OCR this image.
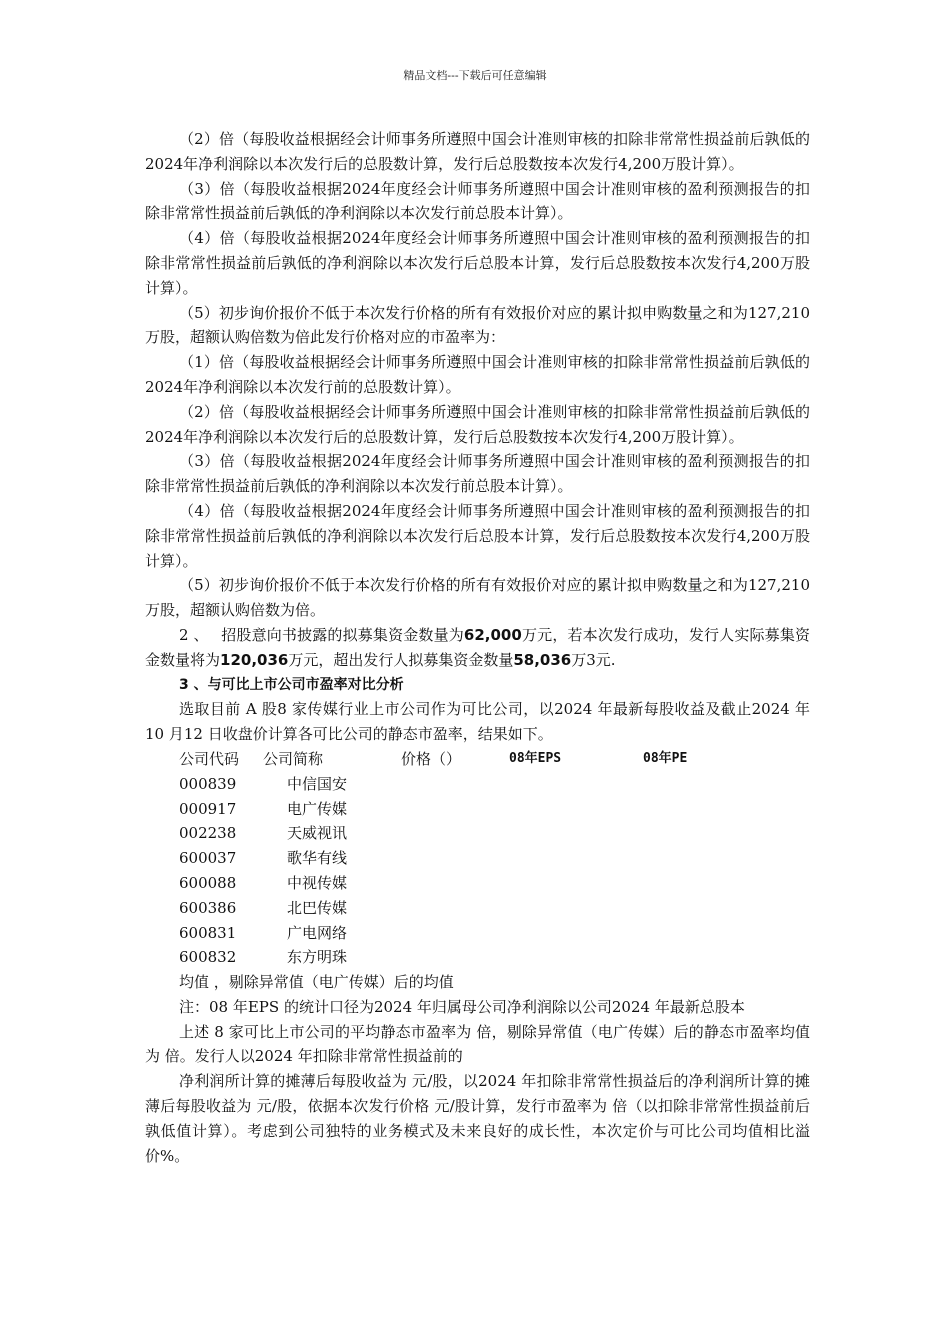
精品文档---下载后可任意编辑

（2）倍（每股收益根据经会计师事务所遵照中国会计准则审核的扣除非常常性损益前后孰低的2024年净利润除以本次发行后的总股数计算，发行后总股数按本次发行4,200万股计算）。

（3）倍（每股收益根据2024年度经会计师事务所遵照中国会计准则审核的盈利预测报告的扣除非常常性损益前后孰低的净利润除以本次发行前总股本计算）。

（4）倍（每股收益根据2024年度经会计师事务所遵照中国会计准则审核的盈利预测报告的扣除非常常性损益前后孰低的净利润除以本次发行后总股本计算，发行后总股数按本次发行4,200万股计算）。

（5）初步询价报价不低于本次发行价格的所有有效报价对应的累计拟申购数量之和为127,210万股，超额认购倍数为倍此发行价格对应的市盈率为：

（1）倍（每股收益根据经会计师事务所遵照中国会计准则审核的扣除非常常性损益前后孰低的2024年净利润除以本次发行前的总股数计算）。

（2）倍（每股收益根据经会计师事务所遵照中国会计准则审核的扣除非常常性损益前后孰低的2024年净利润除以本次发行后的总股数计算，发行后总股数按本次发行4,200万股计算）。

（3）倍（每股收益根据2024年度经会计师事务所遵照中国会计准则审核的盈利预测报告的扣除非常常性损益前后孰低的净利润除以本次发行前总股本计算）。

（4）倍（每股收益根据2024年度经会计师事务所遵照中国会计准则审核的盈利预测报告的扣除非常常性损益前后孰低的净利润除以本次发行后总股本计算，发行后总股数按本次发行4,200万股计算）。

（5）初步询价报价不低于本次发行价格的所有有效报价对应的累计拟申购数量之和为127,210万股，超额认购倍数为倍。

2 、　 招股意向书披露的拟募集资金数量为62,000万元，若本次发行成功，发行人实际募集资金数量将为120,036万元，超出发行人拟募集资金数量58,036万3元.

3 、与可比上市公司市盈率对比分析

选取目前 A 股8 家传媒行业上市公司作为可比公司，以2024 年最新每股收益及截止2024 年10 月12 日收盘价计算各可比公司的静态市盈率，结果如下。

公司代码	公司简称	价格（）	08年EPS	08年PE
000839	中信国安
000917	电广传媒
002238	天威视讯
600037	歌华有线
600088	中视传媒
600386	北巴传媒
600831	广电网络
600832	东方明珠

均值 ，剔除异常值（电广传媒）后的均值

注：08 年EPS 的统计口径为2024 年归属母公司净利润除以公司2024 年最新总股本

上述 8 家可比上市公司的平均静态市盈率为 倍，剔除异常值（电广传媒）后的静态市盈率均值为 倍。发行人以2024 年扣除非常常性损益前的

净利润所计算的摊薄后每股收益为 元/股，以2024 年扣除非常常性损益后的净利润所计算的摊薄后每股收益为 元/股，依据本次发行价格 元/股计算，发行市盈率为 倍（以扣除非常常性损益前后孰低值计算）。考虑到公司独特的业务模式及未来良好的成长性，本次定价与可比公司均值相比溢价%。
